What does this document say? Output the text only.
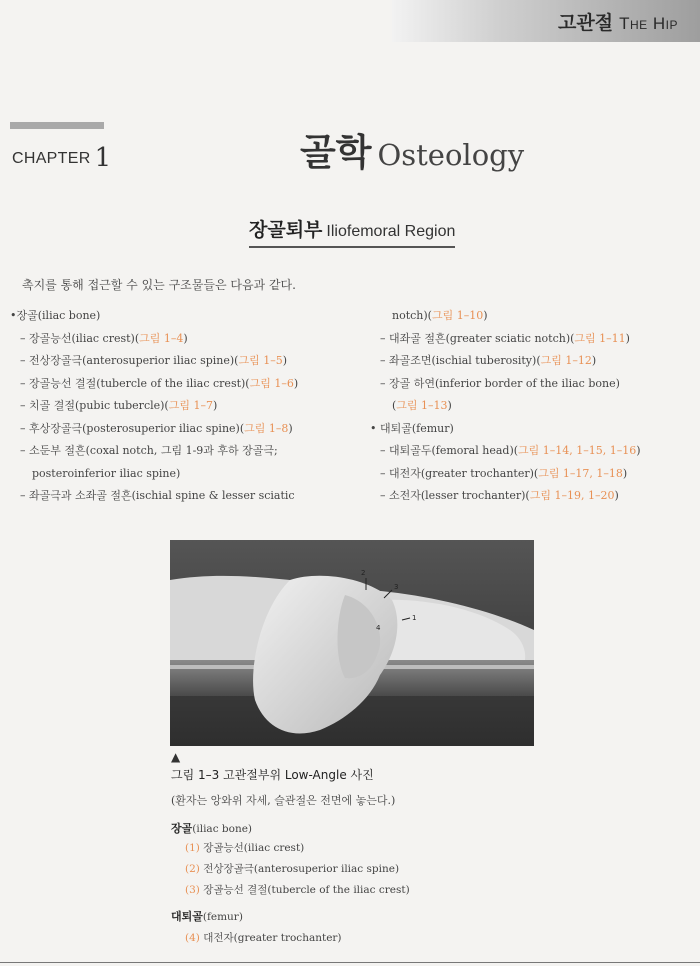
고관절 The Hip
CHAPTER 1	골학 Osteology
장골퇴부 Iliofemoral Region
촉지를 통해 접근할 수 있는 구조물들은 다음과 같다.
•장골(iliac bone)
– 장골능선(iliac crest)(그림 1–4)
– 전상장골극(anterosuperior iliac spine)(그림 1–5)
– 장골능선 결절(tubercle of the iliac crest)(그림 1–6)
– 치골 결절(pubic tubercle)(그림 1–7)
– 후상장골극(posterosuperior iliac spine)(그림 1–8)
– 소둔부 절흔(coxal notch, 그림 1-9과 후하 장골극;
posteroinferior iliac spine)
– 좌골극과 소좌골 절흔(ischial spine & lesser sciatic
notch)(그림 1–10)
– 대좌골 절흔(greater sciatic notch)(그림 1–11)
– 좌골조면(ischial tuberosity)(그림 1–12)
– 장골 하연(inferior border of the iliac bone)
(그림 1–13)
• 대퇴골(femur)
– 대퇴골두(femoral head)(그림 1–14, 1–15, 1–16)
– 대전자(greater trochanter)(그림 1–17, 1–18)
– 소전자(lesser trochanter)(그림 1–19, 1–20)
2
3
4
1
▲
그림 1–3 고관절부위 Low-Angle 사진
(환자는 앙와위 자세, 슬관절은 전면에 놓는다.)
장골(iliac bone)
(1) 장골능선(iliac crest)
(2) 전상장골극(anterosuperior iliac spine)
(3) 장골능선 결절(tubercle of the iliac crest)
대퇴골(femur)
(4) 대전자(greater trochanter)
